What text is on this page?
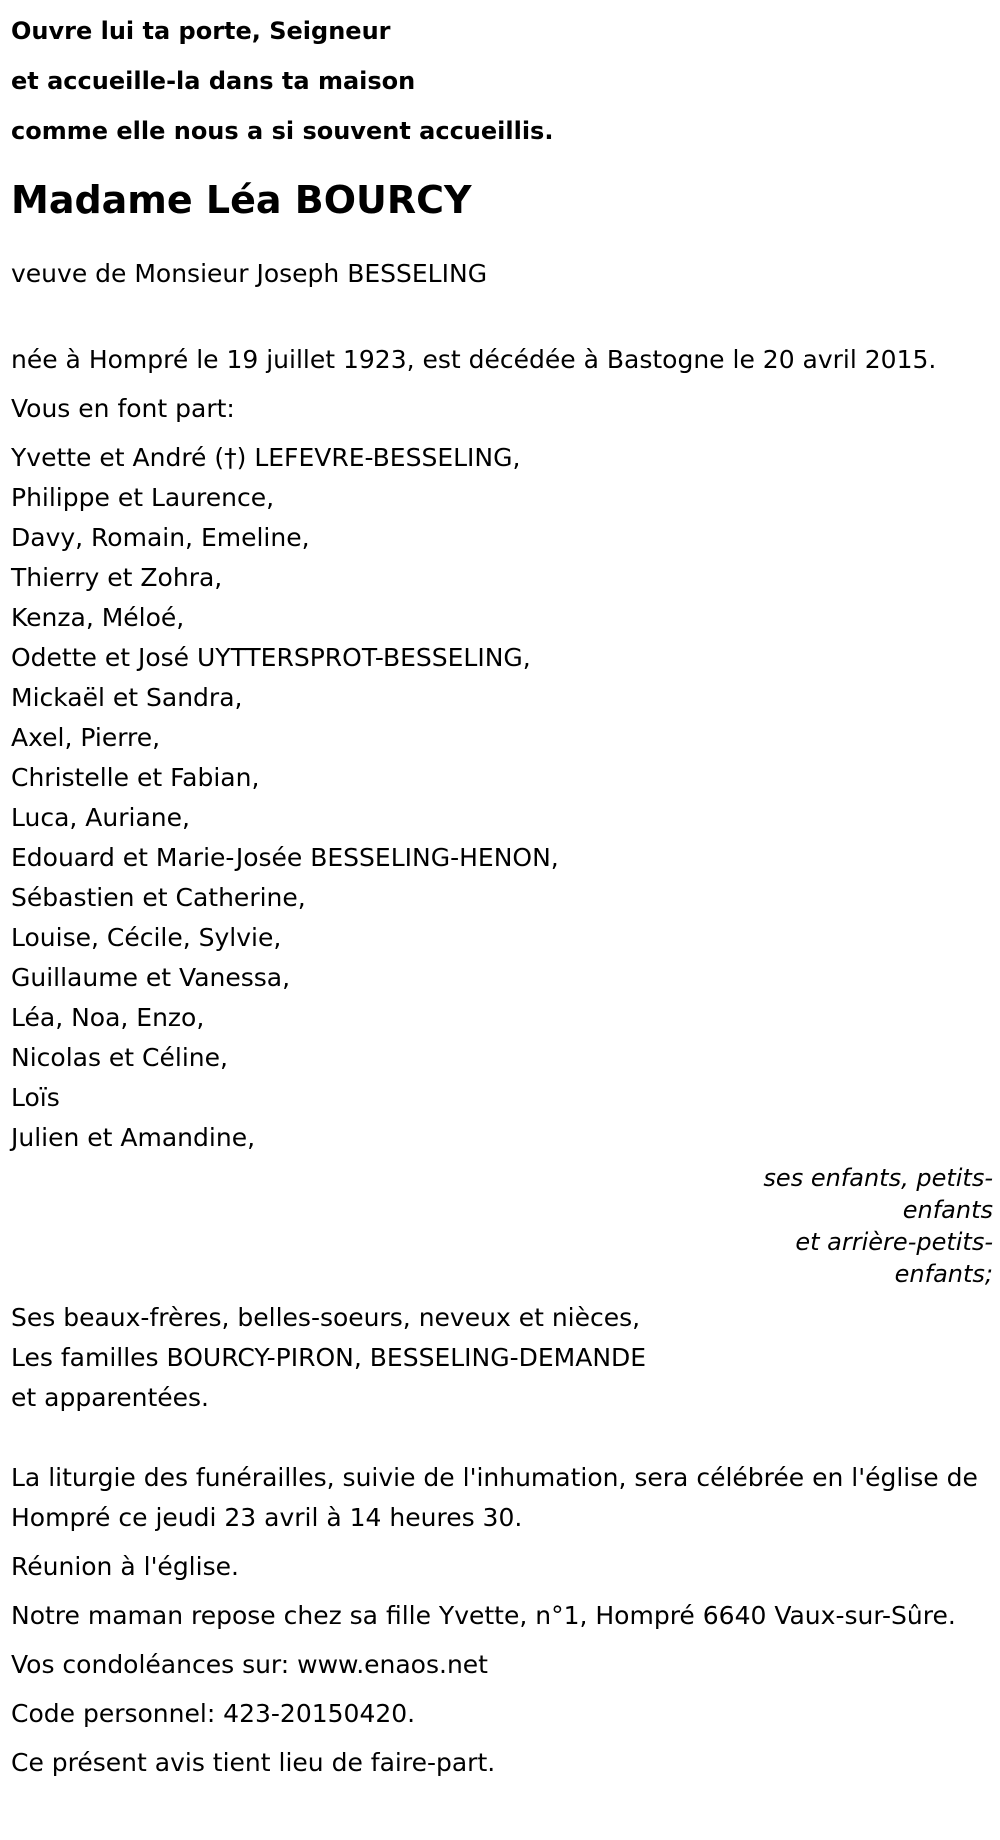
Ouvre lui ta porte, Seigneur
et accueille-la dans ta maison
comme elle nous a si souvent accueillis.
Madame Léa BOURCY
veuve de Monsieur Joseph BESSELING
née à Hompré le 19 juillet 1923, est décédée à Bastogne le 20 avril 2015.
Vous en font part:
Yvette et André (†) LEFEVRE-BESSELING,
Philippe et Laurence,
Davy, Romain, Emeline,
Thierry et Zohra,
Kenza, Méloé,
Odette et José UYTTERSPROT-BESSELING,
Mickaël et Sandra,
Axel, Pierre,
Christelle et Fabian,
Luca, Auriane,
Edouard et Marie-Josée BESSELING-HENON,
Sébastien et Catherine,
Louise, Cécile, Sylvie,
Guillaume et Vanessa,
Léa, Noa, Enzo,
Nicolas et Céline,
Loïs
Julien et Amandine,
ses enfants, petits-enfants
et arrière-petits-enfants;
Ses beaux-frères, belles-soeurs, neveux et nièces,
Les familles BOURCY-PIRON, BESSELING-DEMANDE
et apparentées.
La liturgie des funérailles, suivie de l'inhumation, sera célébrée en l'église de Hompré ce jeudi 23 avril à 14 heures 30.
Réunion à l'église.
Notre maman repose chez sa fille Yvette, n°1, Hompré 6640 Vaux-sur-Sûre.
Vos condoléances sur: www.enaos.net
Code personnel: 423-20150420.
Ce présent avis tient lieu de faire-part.
